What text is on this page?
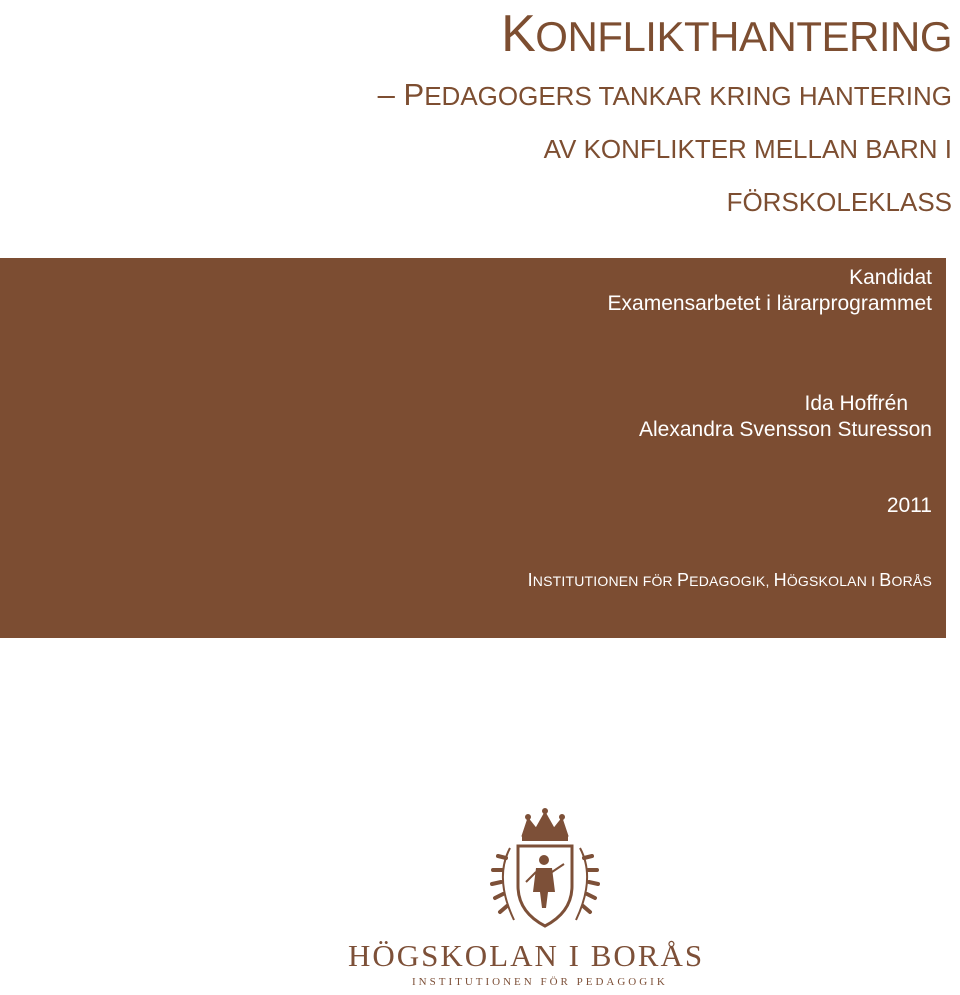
KONFLIKTHANTERING
– PEDAGOGERS TANKAR KRING HANTERING
AV KONFLIKTER MELLAN BARN I
FÖRSKOLEKLASS
Kandidat
Examensarbetet i lärarprogrammet
Ida Hoffrén
Alexandra Svensson Sturesson
2011
INSTITUTIONEN FÖR PEDAGOGIK, HÖGSKOLAN I BORÅS
HÖGSKOLAN I BORÅS
INSTITUTIONEN FÖR PEDAGOGIK
